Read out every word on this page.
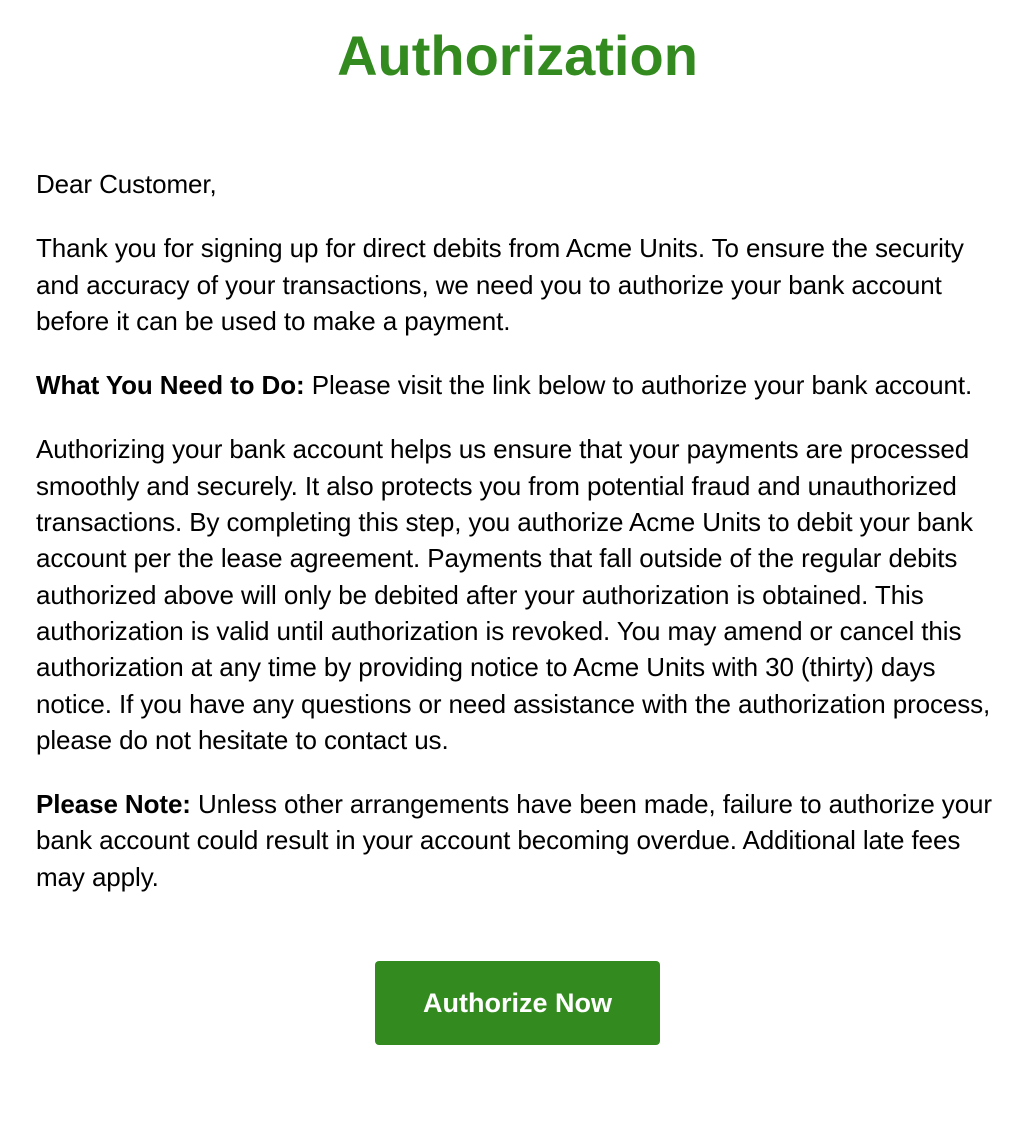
Authorization

Dear Customer,

Thank you for signing up for direct debits from Acme Units. To ensure the security and accuracy of your transactions, we need you to authorize your bank account before it can be used to make a payment.

What You Need to Do: Please visit the link below to authorize your bank account.

Authorizing your bank account helps us ensure that your payments are processed smoothly and securely. It also protects you from potential fraud and unauthorized transactions. By completing this step, you authorize Acme Units to debit your bank account per the lease agreement. Payments that fall outside of the regular debits authorized above will only be debited after your authorization is obtained. This authorization is valid until authorization is revoked. You may amend or cancel this authorization at any time by providing notice to Acme Units with 30 (thirty) days notice. If you have any questions or need assistance with the authorization process, please do not hesitate to contact us.

Please Note: Unless other arrangements have been made, failure to authorize your bank account could result in your account becoming overdue. Additional late fees may apply.

Authorize Now
